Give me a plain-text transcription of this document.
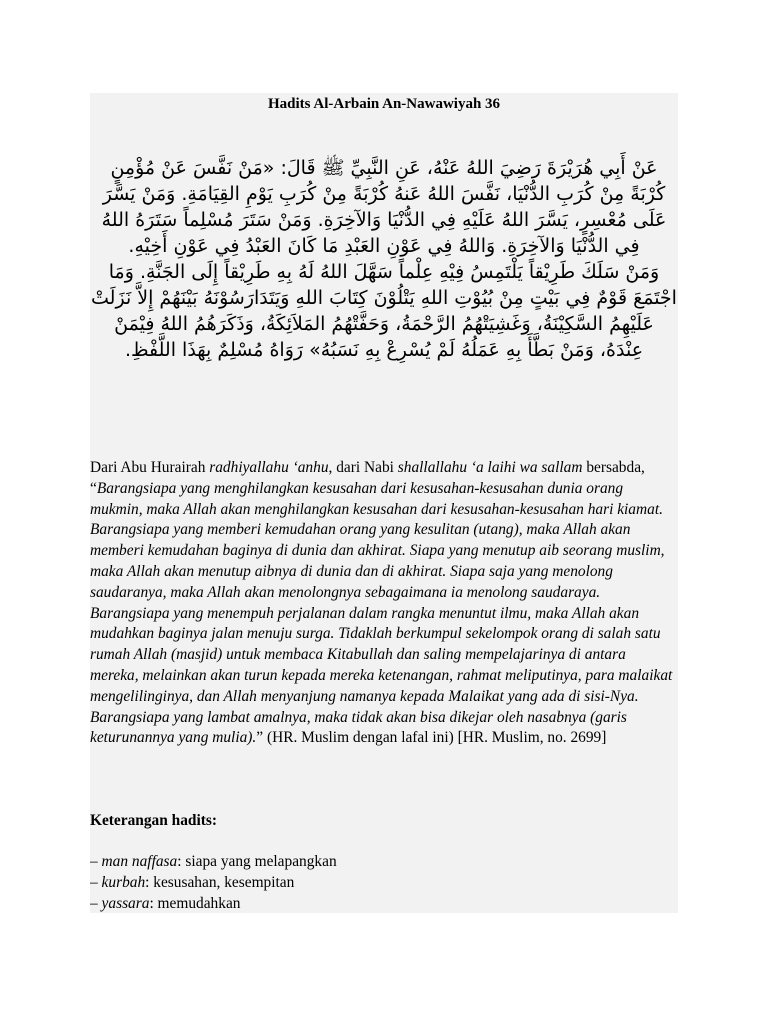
Hadits Al-Arbain An-Nawawiyah 36

عَنْ أَبِي هُرَيْرَةَ رَضِيَ اللهُ عَنْهُ، عَنِ النَّبِيِّ ﷺ قَالَ: «مَنْ نَفَّسَ عَنْ مُؤْمِنٍ كُرْبَةً مِنْ كُرَبِ الدُّنْيَا، نَفَّسَ اللهُ عَنهُ كُرْبَةً مِنْ كُرَبِ يَوْمِ القِيَامَةِ. وَمَنْ يَسَّرَ عَلَى مُعْسِرٍ، يَسَّرَ اللهُ عَلَيْهِ فِي الدُّنْيَا وَالآخِرَةِ. وَمَنْ سَتَرَ مُسْلِماً سَتَرَهُ اللهُ فِي الدُّنْيَا وَالآخِرَةِ. وَاللهُ فِي عَوْنِ العَبْدِ مَا كَانَ العَبْدُ فِي عَوْنِ أَخِيْهِ.

وَمَنْ سَلَكَ طَرِيْقاً يَلْتَمِسُ فِيْهِ عِلْماً سَهَّلَ اللهُ لَهُ بِهِ طَرِيْقاً إِلَى الجَنَّةِ. وَمَا اجْتَمَعَ قَوْمٌ فِي بَيْتٍ مِنْ بُيُوْتِ اللهِ يَتْلُوْنَ كِتَابَ اللهِ وَيَتَدَارَسُوْنَهُ بَيْنَهُمْ إِلاَّ نَزَلَتْ عَلَيْهِمُ السَّكِيْنَةُ، وَغَشِيَتْهُمُ الرَّحْمَةُ، وَحَفَّتْهُمُ المَلاَئِكَةُ، وَذَكَرَهُمُ اللهُ فِيْمَنْ عِنْدَهُ، وَمَنْ بَطَّأَ بِهِ عَمَلُهُ لَمْ يُسْرِعْ بِهِ نَسَبُهُ» رَوَاهُ مُسْلِمٌ بِهَذَا اللَّفْظِ.

Dari Abu Hurairah radhiyallahu ‘anhu, dari Nabi shallallahu ‘a laihi wa sallam bersabda, “Barangsiapa yang menghilangkan kesusahan dari kesusahan-kesusahan dunia orang mukmin, maka Allah akan menghilangkan kesusahan dari kesusahan-kesusahan hari kiamat. Barangsiapa yang memberi kemudahan orang yang kesulitan (utang), maka Allah akan memberi kemudahan baginya di dunia dan akhirat. Siapa yang menutup aib seorang muslim, maka Allah akan menutup aibnya di dunia dan di akhirat. Siapa saja yang menolong saudaranya, maka Allah akan menolongnya sebagaimana ia menolong saudaraya. Barangsiapa yang menempuh perjalanan dalam rangka menuntut ilmu, maka Allah akan mudahkan baginya jalan menuju surga. Tidaklah berkumpul sekelompok orang di salah satu rumah Allah (masjid) untuk membaca Kitabullah dan saling mempelajarinya di antara mereka, melainkan akan turun kepada mereka ketenangan, rahmat meliputinya, para malaikat mengelilinginya, dan Allah menyanjung namanya kepada Malaikat yang ada di sisi-Nya. Barangsiapa yang lambat amalnya, maka tidak akan bisa dikejar oleh nasabnya (garis keturunannya yang mulia).” (HR. Muslim dengan lafal ini) [HR. Muslim, no. 2699]

Keterangan hadits:

– man naffasa: siapa yang melapangkan

– kurbah: kesusahan, kesempitan

– yassara: memudahkan
